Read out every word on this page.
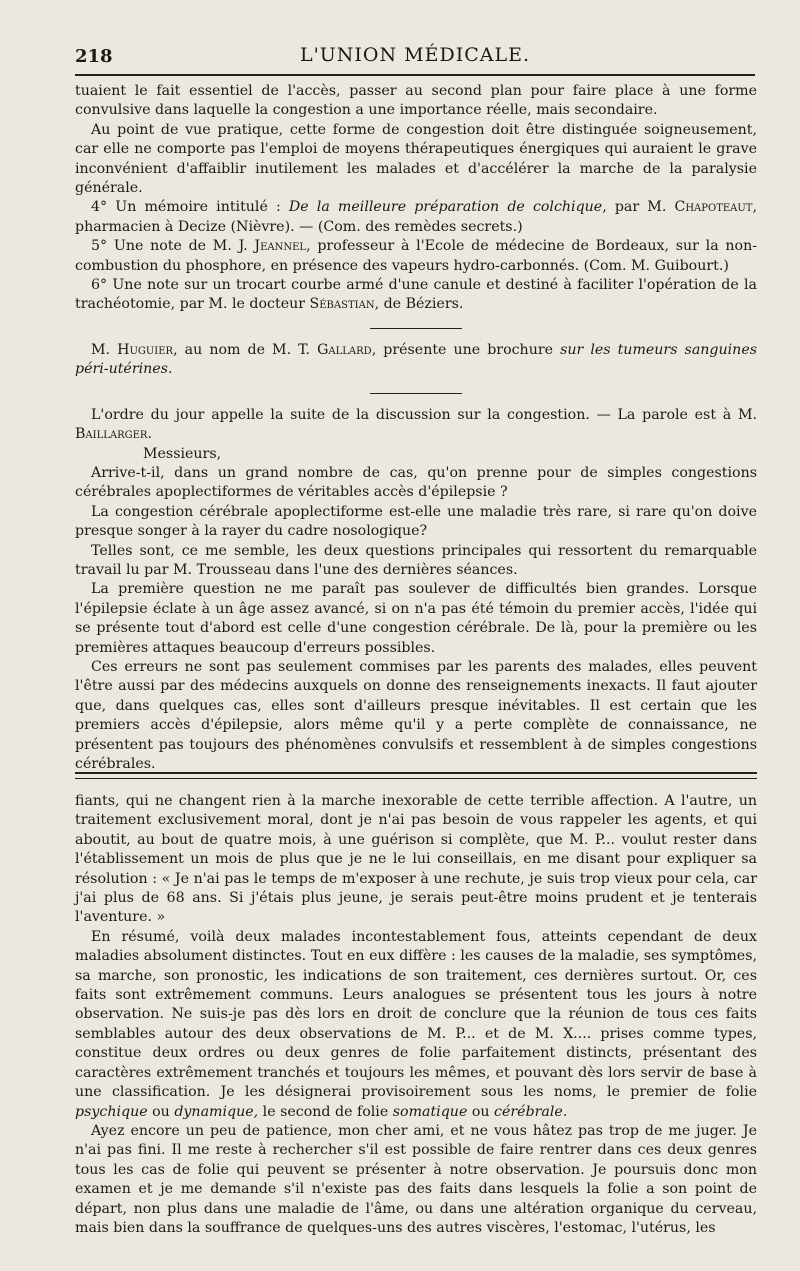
218	L'UNION MÉDICALE.

tuaient le fait essentiel de l'accès, passer au second plan pour faire place à une forme convulsive dans laquelle la congestion a une importance réelle, mais secondaire.

Au point de vue pratique, cette forme de congestion doit être distinguée soigneusement, car elle ne comporte pas l'emploi de moyens thérapeutiques énergiques qui auraient le grave inconvénient d'affaiblir inutilement les malades et d'accélérer la marche de la paralysie générale.

4° Un mémoire intitulé : De la meilleure préparation de colchique, par M. Chapoteaut, pharmacien à Decize (Nièvre). — (Com. des remèdes secrets.)

5° Une note de M. J. Jeannel, professeur à l'Ecole de médecine de Bordeaux, sur la non-combustion du phosphore, en présence des vapeurs hydro-carbonnés. (Com. M. Guibourt.)

6° Une note sur un trocart courbe armé d'une canule et destiné à faciliter l'opération de la trachéotomie, par M. le docteur Sébastian, de Béziers.

M. Huguier, au nom de M. T. Gallard, présente une brochure sur les tumeurs sanguines péri-utérines.

L'ordre du jour appelle la suite de la discussion sur la congestion. — La parole est à M. Baillarger.

Messieurs,

Arrive-t-il, dans un grand nombre de cas, qu'on prenne pour de simples congestions cérébrales apoplectiformes de véritables accès d'épilepsie ?

La congestion cérébrale apoplectiforme est-elle une maladie très rare, si rare qu'on doive presque songer à la rayer du cadre nosologique?

Telles sont, ce me semble, les deux questions principales qui ressortent du remarquable travail lu par M. Trousseau dans l'une des dernières séances.

La première question ne me paraît pas soulever de difficultés bien grandes. Lorsque l'épilepsie éclate à un âge assez avancé, si on n'a pas été témoin du premier accès, l'idée qui se présente tout d'abord est celle d'une congestion cérébrale. De là, pour la première ou les premières attaques beaucoup d'erreurs possibles.

Ces erreurs ne sont pas seulement commises par les parents des malades, elles peuvent l'être aussi par des médecins auxquels on donne des renseignements inexacts. Il faut ajouter que, dans quelques cas, elles sont d'ailleurs presque inévitables. Il est certain que les premiers accès d'épilepsie, alors même qu'il y a perte complète de connaissance, ne présentent pas toujours des phénomènes convulsifs et ressemblent à de simples congestions cérébrales.

fiants, qui ne changent rien à la marche inexorable de cette terrible affection. A l'autre, un traitement exclusivement moral, dont je n'ai pas besoin de vous rappeler les agents, et qui aboutit, au bout de quatre mois, à une guérison si complète, que M. P... voulut rester dans l'établissement un mois de plus que je ne le lui conseillais, en me disant pour expliquer sa résolution : « Je n'ai pas le temps de m'exposer à une rechute, je suis trop vieux pour cela, car j'ai plus de 68 ans. Si j'étais plus jeune, je serais peut-être moins prudent et je tenterais l'aventure. »

En résumé, voilà deux malades incontestablement fous, atteints cependant de deux maladies absolument distinctes. Tout en eux diffère : les causes de la maladie, ses symptômes, sa marche, son pronostic, les indications de son traitement, ces dernières surtout. Or, ces faits sont extrêmement communs. Leurs analogues se présentent tous les jours à notre observation. Ne suis-je pas dès lors en droit de conclure que la réunion de tous ces faits semblables autour des deux observations de M. P... et de M. X.... prises comme types, constitue deux ordres ou deux genres de folie parfaitement distincts, présentant des caractères extrêmement tranchés et toujours les mêmes, et pouvant dès lors servir de base à une classification. Je les désignerai provisoirement sous les noms, le premier de folie psychique ou dynamique, le second de folie somatique ou cérébrale.

Ayez encore un peu de patience, mon cher ami, et ne vous hâtez pas trop de me juger. Je n'ai pas fini. Il me reste à rechercher s'il est possible de faire rentrer dans ces deux genres tous les cas de folie qui peuvent se présenter à notre observation. Je poursuis donc mon examen et je me demande s'il n'existe pas des faits dans lesquels la folie a son point de départ, non plus dans une maladie de l'âme, ou dans une altération organique du cerveau, mais bien dans la souffrance de quelques-uns des autres viscères, l'estomac, l'utérus, les
